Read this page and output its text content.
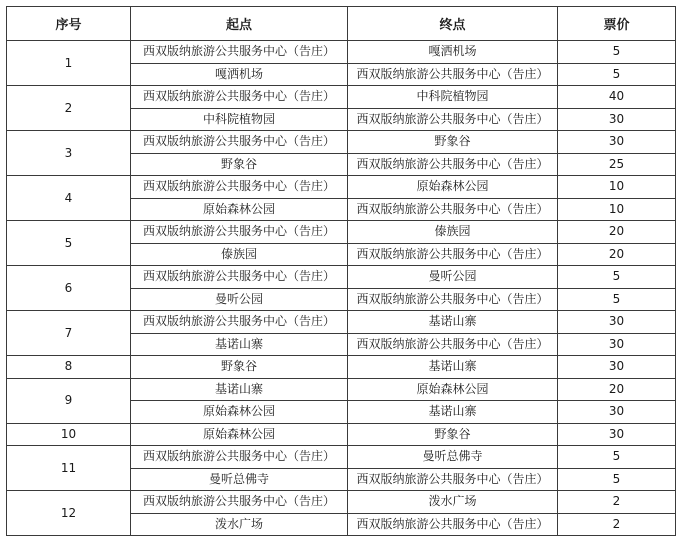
序号	起点	终点	票价
1	西双版纳旅游公共服务中心（告庄）	嘎洒机场	5
	嘎洒机场	西双版纳旅游公共服务中心（告庄）	5
2	西双版纳旅游公共服务中心（告庄）	中科院植物园	40
	中科院植物园	西双版纳旅游公共服务中心（告庄）	30
3	西双版纳旅游公共服务中心（告庄）	野象谷	30
	野象谷	西双版纳旅游公共服务中心（告庄）	25
4	西双版纳旅游公共服务中心（告庄）	原始森林公园	10
	原始森林公园	西双版纳旅游公共服务中心（告庄）	10
5	西双版纳旅游公共服务中心（告庄）	傣族园	20
	傣族园	西双版纳旅游公共服务中心（告庄）	20
6	西双版纳旅游公共服务中心（告庄）	曼听公园	5
	曼听公园	西双版纳旅游公共服务中心（告庄）	5
7	西双版纳旅游公共服务中心（告庄）	基诺山寨	30
	基诺山寨	西双版纳旅游公共服务中心（告庄）	30
8	野象谷	基诺山寨	30
9	基诺山寨	原始森林公园	20
	原始森林公园	基诺山寨	30
10	原始森林公园	野象谷	30
11	西双版纳旅游公共服务中心（告庄）	曼听总佛寺	5
	曼听总佛寺	西双版纳旅游公共服务中心（告庄）	5
12	西双版纳旅游公共服务中心（告庄）	泼水广场	2
	泼水广场	西双版纳旅游公共服务中心（告庄）	2
